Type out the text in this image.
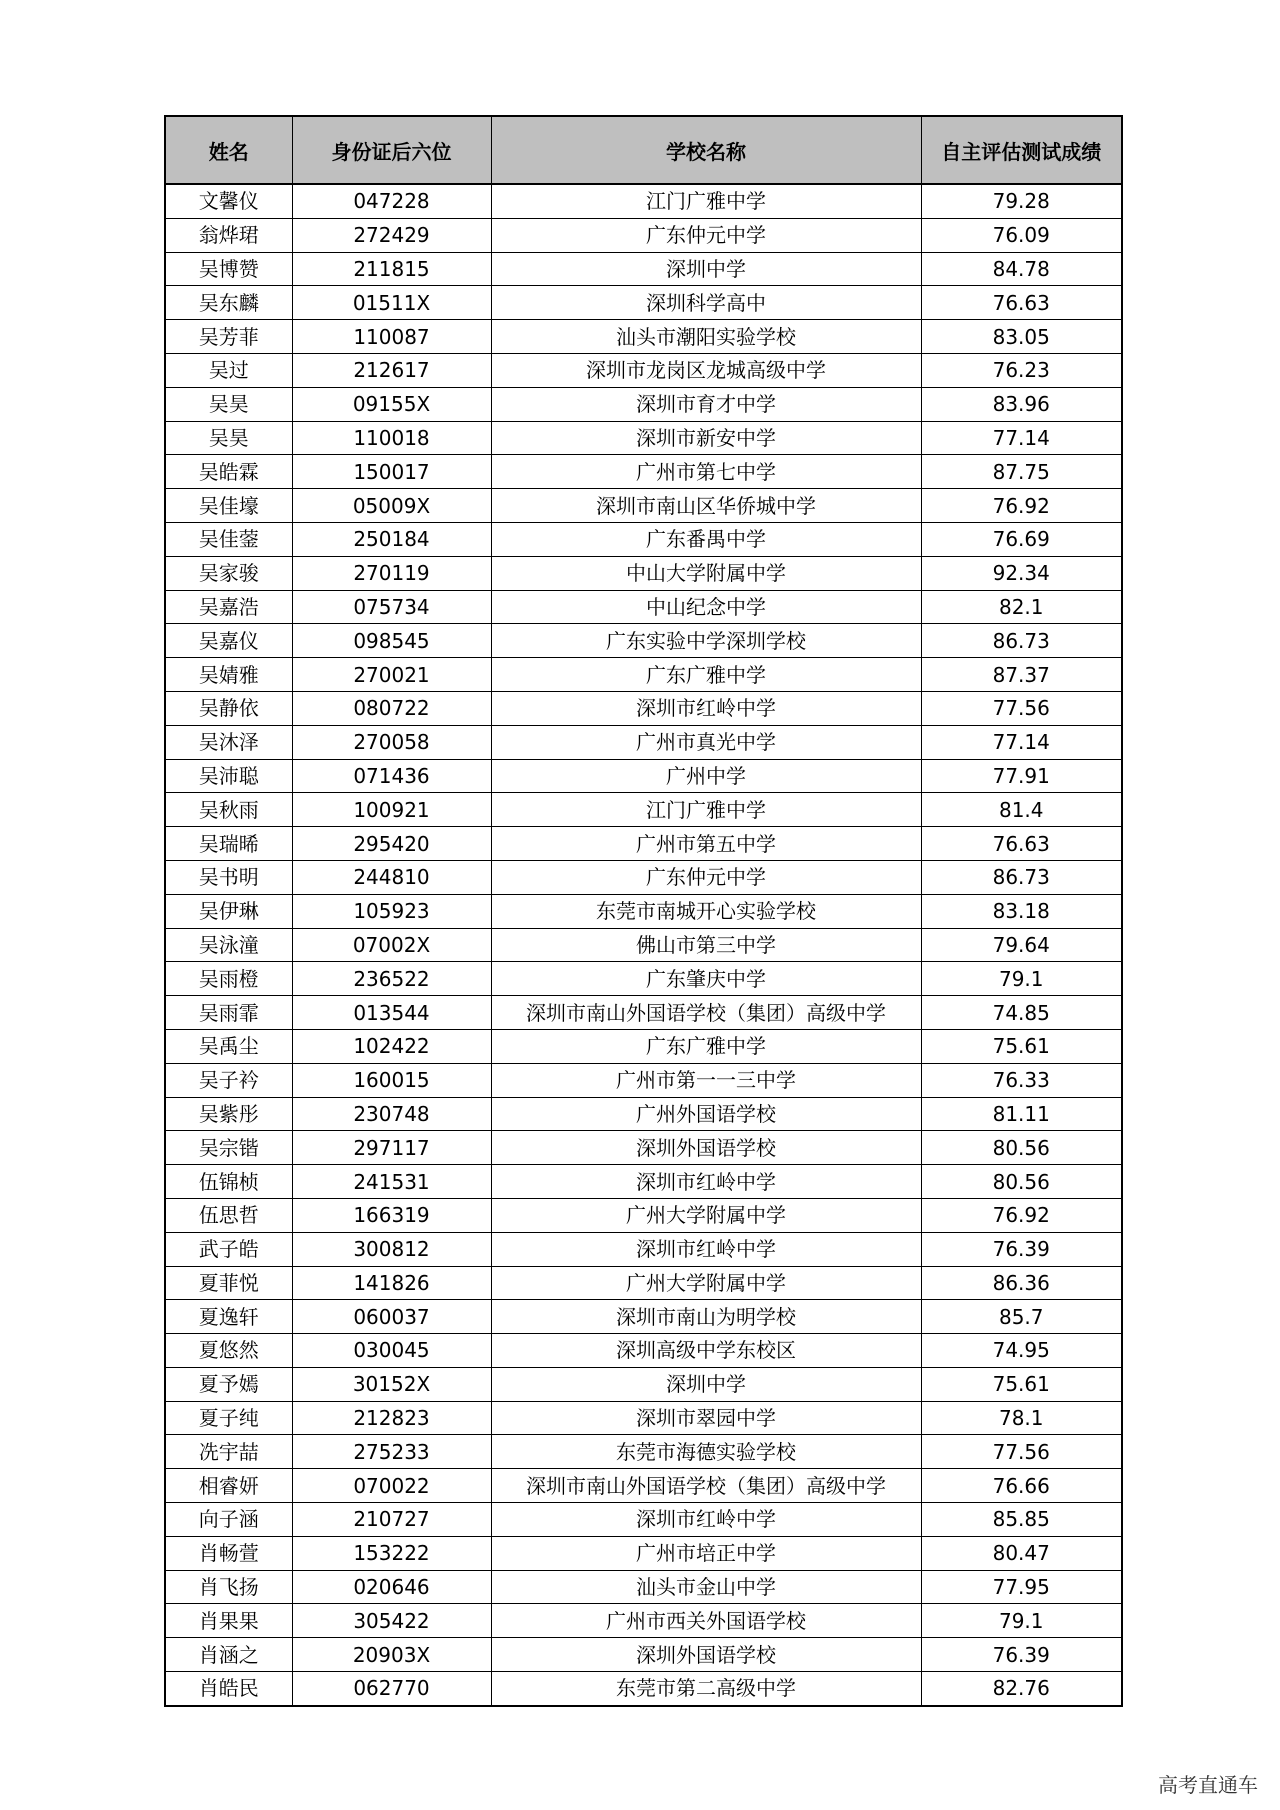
姓名	身份证后六位	学校名称	自主评估测试成绩
文馨仪	047228	江门广雅中学	79.28
翁烨珺	272429	广东仲元中学	76.09
吴博赞	211815	深圳中学	84.78
吴东麟	01511X	深圳科学高中	76.63
吴芳菲	110087	汕头市潮阳实验学校	83.05
吴过	212617	深圳市龙岗区龙城高级中学	76.23
吴昊	09155X	深圳市育才中学	83.96
吴昊	110018	深圳市新安中学	77.14
吴皓霖	150017	广州市第七中学	87.75
吴佳壕	05009X	深圳市南山区华侨城中学	76.92
吴佳蓥	250184	广东番禺中学	76.69
吴家骏	270119	中山大学附属中学	92.34
吴嘉浩	075734	中山纪念中学	82.1
吴嘉仪	098545	广东实验中学深圳学校	86.73
吴婧雅	270021	广东广雅中学	87.37
吴静依	080722	深圳市红岭中学	77.56
吴沐泽	270058	广州市真光中学	77.14
吴沛聪	071436	广州中学	77.91
吴秋雨	100921	江门广雅中学	81.4
吴瑞晞	295420	广州市第五中学	76.63
吴书明	244810	广东仲元中学	86.73
吴伊琳	105923	东莞市南城开心实验学校	83.18
吴泳潼	07002X	佛山市第三中学	79.64
吴雨橙	236522	广东肇庆中学	79.1
吴雨霏	013544	深圳市南山外国语学校（集团）高级中学	74.85
吴禹尘	102422	广东广雅中学	75.61
吴子衿	160015	广州市第一一三中学	76.33
吴紫彤	230748	广州外国语学校	81.11
吴宗锴	297117	深圳外国语学校	80.56
伍锦桢	241531	深圳市红岭中学	80.56
伍思哲	166319	广州大学附属中学	76.92
武子皓	300812	深圳市红岭中学	76.39
夏菲悦	141826	广州大学附属中学	86.36
夏逸轩	060037	深圳市南山为明学校	85.7
夏悠然	030045	深圳高级中学东校区	74.95
夏予嫣	30152X	深圳中学	75.61
夏子纯	212823	深圳市翠园中学	78.1
冼宇喆	275233	东莞市海德实验学校	77.56
相睿妍	070022	深圳市南山外国语学校（集团）高级中学	76.66
向子涵	210727	深圳市红岭中学	85.85
肖畅萱	153222	广州市培正中学	80.47
肖飞扬	020646	汕头市金山中学	77.95
肖果果	305422	广州市西关外国语学校	79.1
肖涵之	20903X	深圳外国语学校	76.39
肖皓民	062770	东莞市第二高级中学	82.76
高考直通车
